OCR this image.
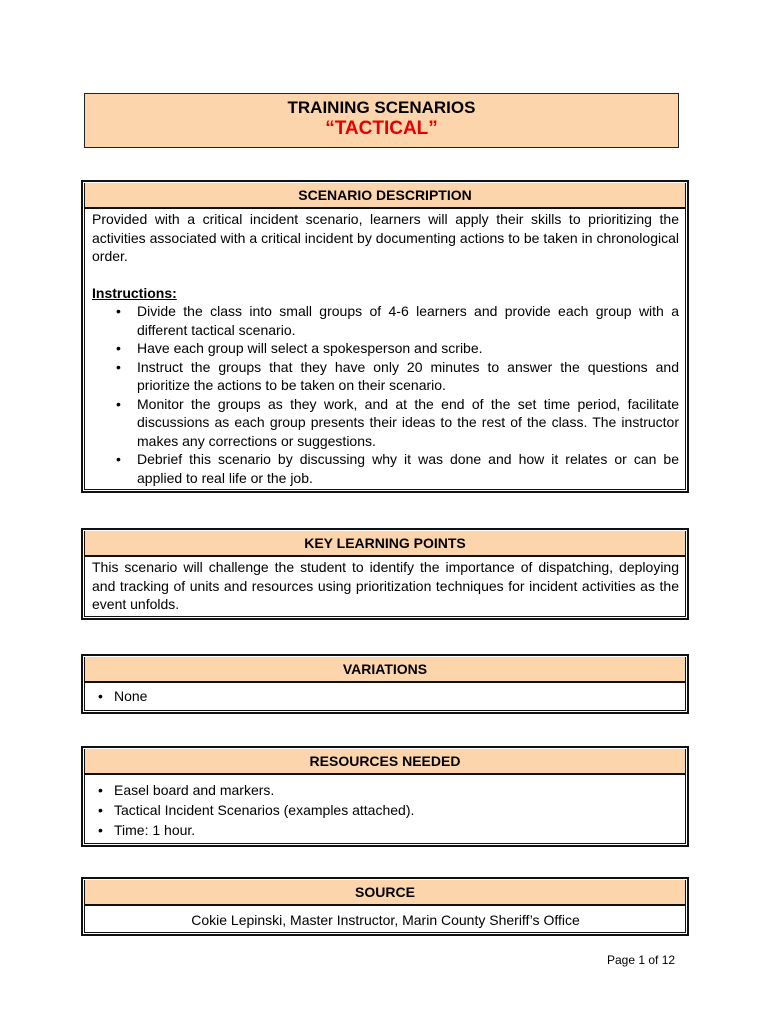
TRAINING SCENARIOS
“TACTICAL”
SCENARIO DESCRIPTION

Provided with a critical incident scenario, learners will apply their skills to prioritizing the activities associated with a critical incident by documenting actions to be taken in chronological order.

Instructions:

• Divide the class into small groups of 4-6 learners and provide each group with a different tactical scenario.
• Have each group will select a spokesperson and scribe.
• Instruct the groups that they have only 20 minutes to answer the questions and prioritize the actions to be taken on their scenario.
• Monitor the groups as they work, and at the end of the set time period, facilitate discussions as each group presents their ideas to the rest of the class. The instructor makes any corrections or suggestions.
• Debrief this scenario by discussing why it was done and how it relates or can be applied to real life or the job.
KEY LEARNING POINTS

This scenario will challenge the student to identify the importance of dispatching, deploying and tracking of units and resources using prioritization techniques for incident activities as the event unfolds.

VARIATIONS
• None
RESOURCES NEEDED
• Easel board and markers.
• Tactical Incident Scenarios (examples attached).
• Time: 1 hour.
SOURCE

Cokie Lepinski, Master Instructor, Marin County Sheriff’s Office

Page 1 of 12
